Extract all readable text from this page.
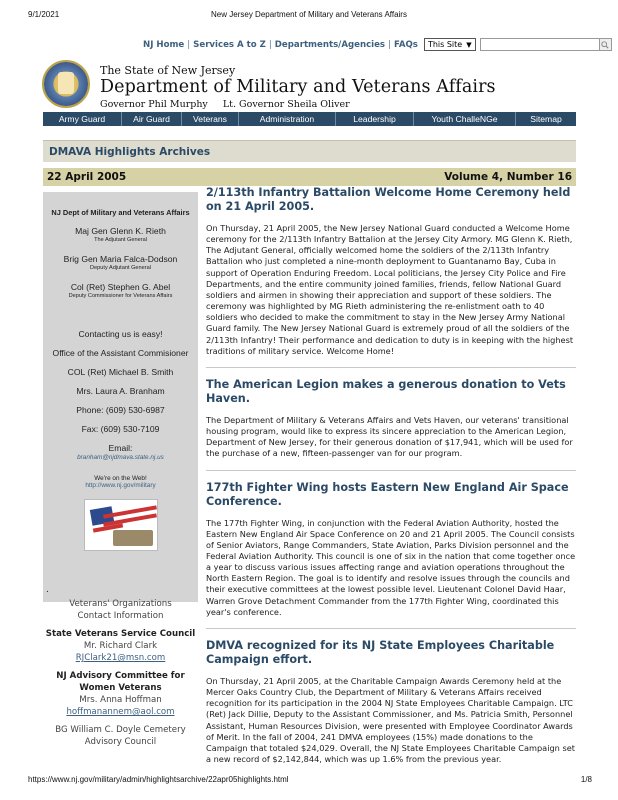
9/1/2021	New Jersey Department of Military and Veterans Affairs
NJ Home | Services A to Z | Departments/Agencies | FAQs This Site ▼
The State of New Jersey
Department of Military and Veterans Affairs
Governor Phil Murphy Lt. Governor Sheila Oliver
Army Guard	Air Guard	Veterans	Administration	Leadership	Youth ChalleNGe	Sitemap
DMAVA Highlights Archives
22 April 2005	Volume 4, Number 16
NJ Dept of Military and Veterans Affairs
Maj Gen Glenn K. Rieth
The Adjutant General
Brig Gen Maria Falca-Dodson
Deputy Adjutant General
Col (Ret) Stephen G. Abel
Deputy Commissioner for Veterans Affairs
Contacting us is easy!
Office of the Assistant Commisioner
COL (Ret) Michael B. Smith
Mrs. Laura A. Branham
Phone: (609) 530-6987
Fax: (609) 530-7109
Email:
branham@njdmava.state.nj.us
We're on the Web!
http://www.nj.gov/military
.
Veterans' Organizations
Contact Information
State Veterans Service Council
Mr. Richard Clark
RJClark21@msn.com
NJ Advisory Committee for Women Veterans
Mrs. Anna Hoffman
hoffmanannem@aol.com
BG William C. Doyle Cemetery
Advisory Council
2/113th Infantry Battalion Welcome Home Ceremony held on 21 April 2005.

On Thursday, 21 April 2005, the New Jersey National Guard conducted a Welcome Home ceremony for the 2/113th Infantry Battalion at the Jersey City Armory. MG Glenn K. Rieth, The Adjutant General, officially welcomed home the soldiers of the 2/113th Infantry Battalion who just completed a nine-month deployment to Guantanamo Bay, Cuba in support of Operation Enduring Freedom. Local politicians, the Jersey City Police and Fire Departments, and the entire community joined families, friends, fellow National Guard soldiers and airmen in showing their appreciation and support of these soldiers. The ceremony was highlighted by MG Rieth administering the re-enlistment oath to 40 soldiers who decided to make the commitment to stay in the New Jersey Army National Guard family. The New Jersey National Guard is extremely proud of all the soldiers of the 2/113th Infantry! Their performance and dedication to duty is in keeping with the highest traditions of military service. Welcome Home!

The American Legion makes a generous donation to Vets Haven.

The Department of Military & Veterans Affairs and Vets Haven, our veterans' transitional housing program, would like to express its sincere appreciation to the American Legion, Department of New Jersey, for their generous donation of $17,941, which will be used for the purchase of a new, fifteen-passenger van for our program.

177th Fighter Wing hosts Eastern New England Air Space Conference.

The 177th Fighter Wing, in conjunction with the Federal Aviation Authority, hosted the Eastern New England Air Space Conference on 20 and 21 April 2005. The Council consists of Senior Aviators, Range Commanders, State Aviation, Parks Division personnel and the Federal Aviation Authority. This council is one of six in the nation that come together once a year to discuss various issues affecting range and aviation operations throughout the North Eastern Region. The goal is to identify and resolve issues through the councils and their executive committees at the lowest possible level. Lieutenant Colonel David Haar, Warren Grove Detachment Commander from the 177th Fighter Wing, coordinated this year's conference.

DMVA recognized for its NJ State Employees Charitable Campaign effort.

On Thursday, 21 April 2005, at the Charitable Campaign Awards Ceremony held at the Mercer Oaks Country Club, the Department of Military & Veterans Affairs received recognition for its participation in the 2004 NJ State Employees Charitable Campaign. LTC (Ret) Jack Dillie, Deputy to the Assistant Commissioner, and Ms. Patricia Smith, Personnel Assistant, Human Resources Division, were presented with Employee Coordinator Awards of Merit. In the fall of 2004, 241 DMVA employees (15%) made donations to the Campaign that totaled $24,029. Overall, the NJ State Employees Charitable Campaign set a new record of $2,142,844, which was up 1.6% from the previous year.

https://www.nj.gov/military/admin/highlightsarchive/22apr05highlights.html	1/8
